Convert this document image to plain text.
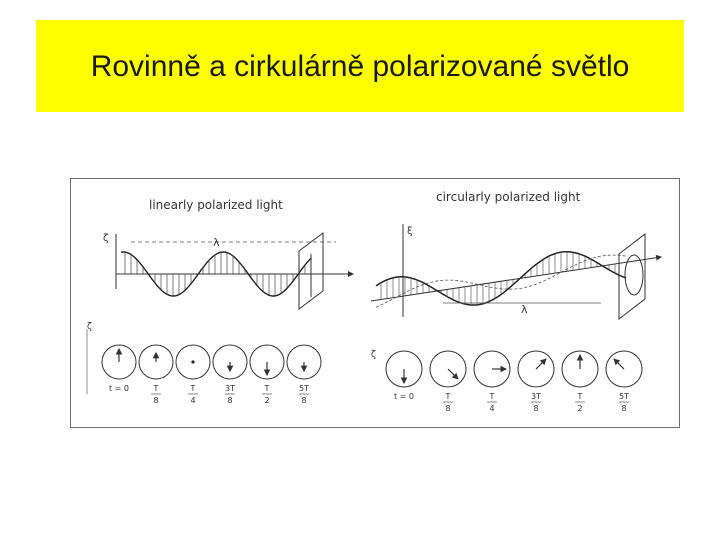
Rovinně a cirkulárně polarizované světlo
linearly polarized light
ζ	λ
ζ
t = 0	T
8
T
4
3T
8
T
2
5T
8
circularly polarized light
ξ
λ
ζ
t = 0	T
8
T
4
3T
8
T
2
5T
8
